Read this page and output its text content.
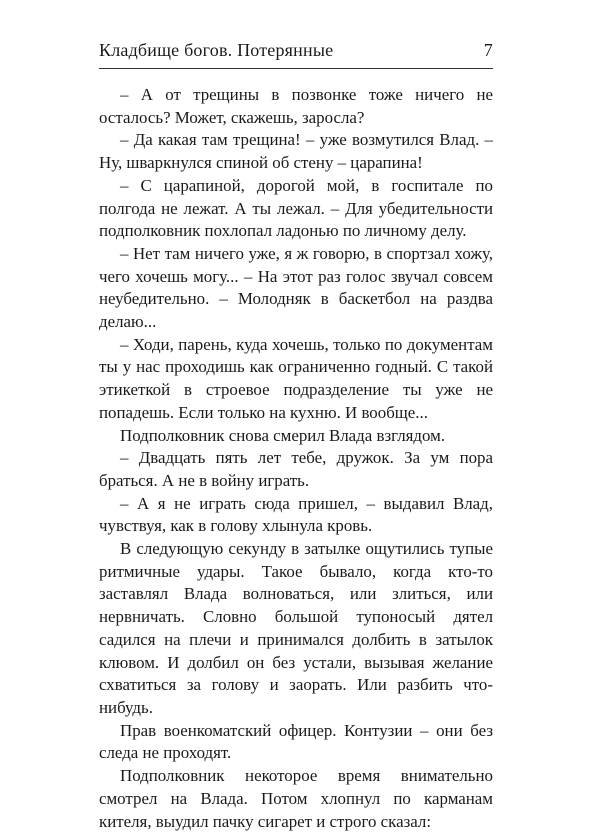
Кладбище богов. Потерянные	7

– А от трещины в позвонке тоже ничего не осталось? Может, скажешь, заросла?

– Да какая там трещина! – уже возмутился Влад. – Ну, шваркнулся спиной об стену – царапина!

– С царапиной, дорогой мой, в госпитале по полгода не лежат. А ты лежал. – Для убедительности подполковник похлопал ладонью по личному делу.

– Нет там ничего уже, я ж говорю, в спортзал хожу, чего хочешь могу... – На этот раз голос звучал совсем неубедительно. – Молодняк в баскетбол на раздва делаю...

– Ходи, парень, куда хочешь, только по документам ты у нас проходишь как ограниченно годный. С такой этикеткой в строевое подразделение ты уже не попадешь. Если только на кухню. И вообще...

Подполковник снова смерил Влада взглядом.

– Двадцать пять лет тебе, дружок. За ум пора браться. А не в войну играть.

– А я не играть сюда пришел, – выдавил Влад, чувствуя, как в голову хлынула кровь.

В следующую секунду в затылке ощутились тупые ритмичные удары. Такое бывало, когда кто-то заставлял Влада волноваться, или злиться, или нервничать. Словно большой тупоносый дятел садился на плечи и принимался долбить в затылок клювом. И долбил он без устали, вызывая желание схватиться за голову и заорать. Или разбить что-нибудь.

Прав военкоматский офицер. Контузии – они без следа не проходят.

Подполковник некоторое время внимательно смотрел на Влада. Потом хлопнул по карманам кителя, выудил пачку сигарет и строго сказал:
